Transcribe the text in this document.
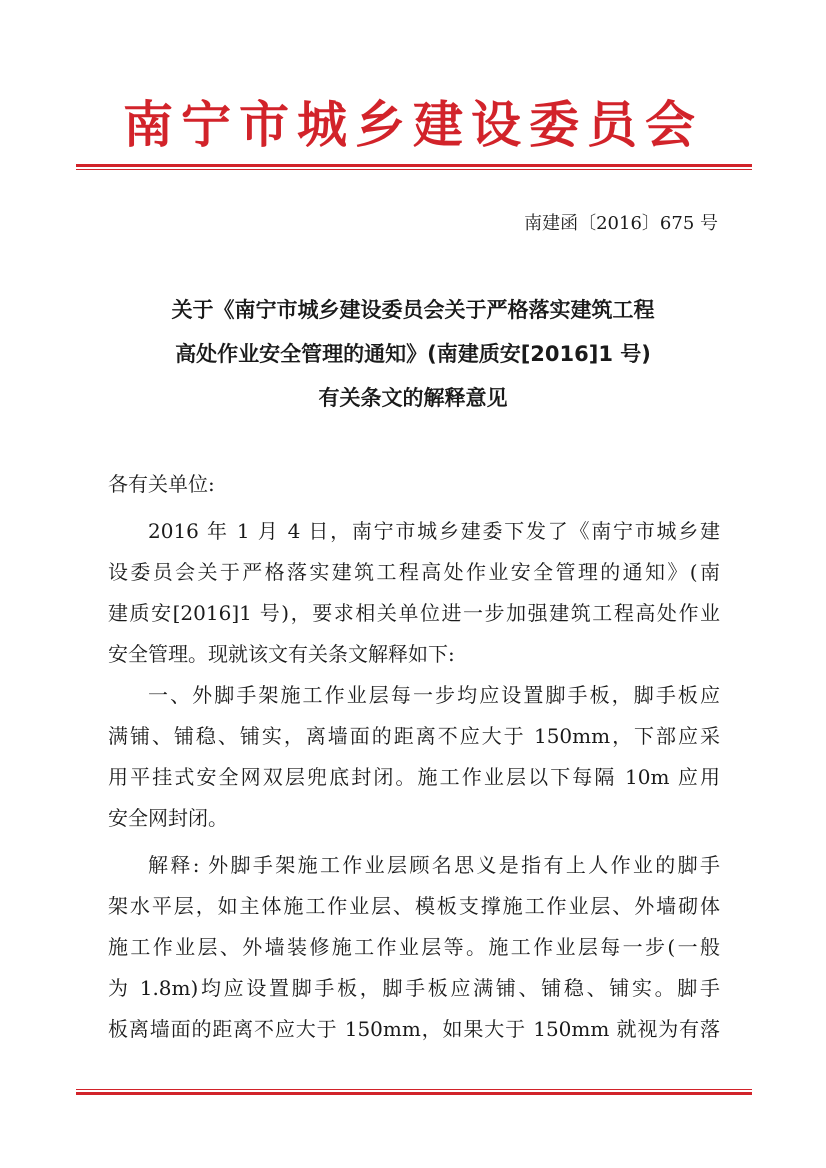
南宁市城乡建设委员会
南建函〔2016〕675 号
关于《南宁市城乡建设委员会关于严格落实建筑工程
高处作业安全管理的通知》(南建质安[2016]1 号)
有关条文的解释意见
各有关单位:
2016 年 1 月 4 日，南宁市城乡建委下发了《南宁市城乡建
设委员会关于严格落实建筑工程高处作业安全管理的通知》(南
建质安[2016]1 号)，要求相关单位进一步加强建筑工程高处作业
安全管理。现就该文有关条文解释如下:
一、外脚手架施工作业层每一步均应设置脚手板，脚手板应
满铺、铺稳、铺实，离墙面的距离不应大于 150mm，下部应采
用平挂式安全网双层兜底封闭。施工作业层以下每隔 10m 应用
安全网封闭。
解释: 外脚手架施工作业层顾名思义是指有上人作业的脚手
架水平层，如主体施工作业层、模板支撑施工作业层、外墙砌体
施工作业层、外墙装修施工作业层等。施工作业层每一步(一般
为 1.8m)均应设置脚手板，脚手板应满铺、铺稳、铺实。脚手
板离墙面的距离不应大于 150mm，如果大于 150mm 就视为有落
